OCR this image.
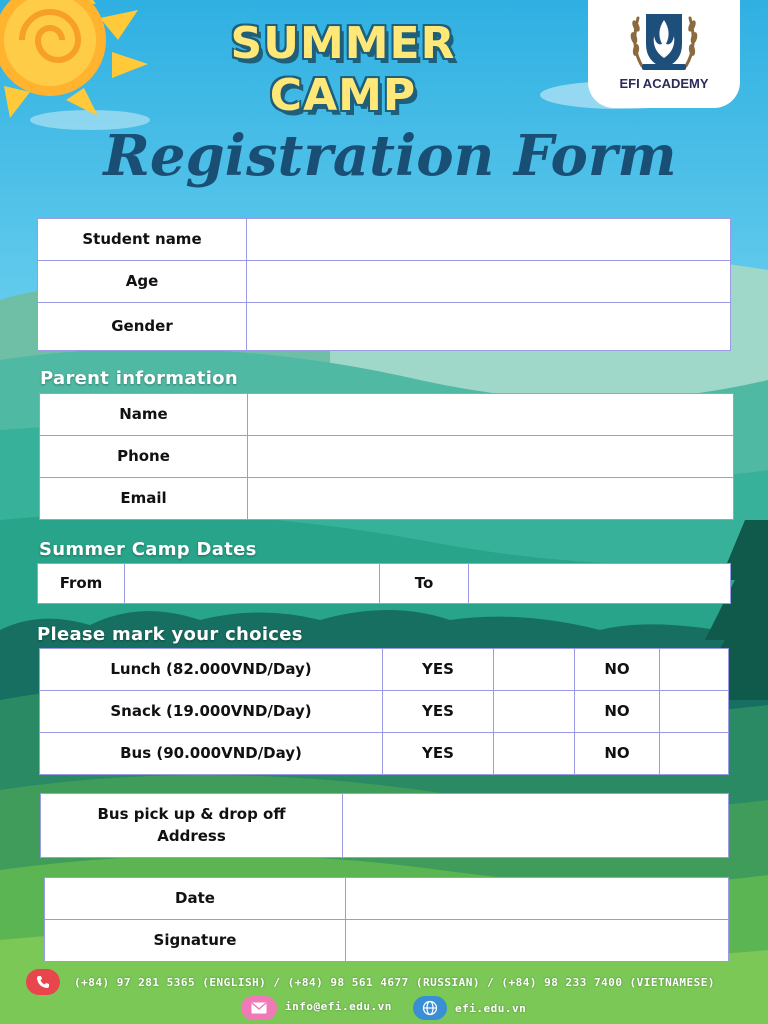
SUMMER
CAMP
Registration Form
EFI ACADEMY
Student name	
Age	
Gender	
Parent information
Name	
Phone	
Email	
Summer Camp Dates
From		To	
Please mark your choices
Lunch (82.000VND/Day)	YES		NO	
Snack (19.000VND/Day)	YES		NO	
Bus (90.000VND/Day)	YES		NO	
Bus pick up & drop off
Address

Date	
Signature	
(+84) 97 281 5365 (ENGLISH) / (+84) 98 561 4677 (RUSSIAN) / (+84) 98 233 7400 (VIETNAMESE)
info@efi.edu.vn	efi.edu.vn
